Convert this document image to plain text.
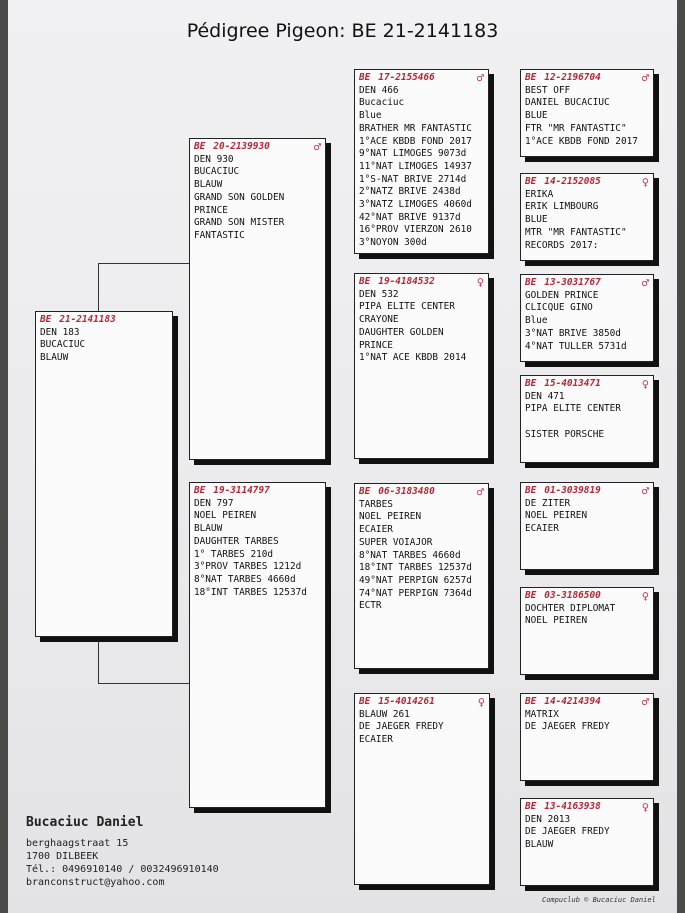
Pédigree Pigeon: BE 21-2141183
BE 21-2141183
DEN 183
BUCACIUC
BLAUW
BE 20-2139930	♂
DEN 930
BUCACIUC
BLAUW
GRAND SON GOLDEN
PRINCE
GRAND SON MISTER
FANTASTIC
BE 19-3114797
DEN 797
NOEL PEIREN
BLAUW
DAUGHTER TARBES
1° TARBES 210d
3°PROV TARBES 1212d
8°NAT TARBES 4660d
18°INT TARBES 12537d
BE 17-2155466	♂
DEN 466
Bucaciuc
Blue
BRATHER MR FANTASTIC
1°ACE KBDB FOND 2017
9°NAT LIMOGES 9073d
11°NAT LIMOGES 14937
1°S-NAT BRIVE 2714d
2°NATZ BRIVE 2438d
3°NATZ LIMOGES 4060d
42°NAT BRIVE 9137d
16°PROV VIERZON 2610
3°NOYON 300d
BE 19-4184532	♀
DEN 532
PIPA ELITE CENTER
CRAYONE
DAUGHTER GOLDEN
PRINCE
1°NAT ACE KBDB 2014
BE 06-3183480	♂
TARBES
NOEL PEIREN
ECAIER
SUPER VOIAJOR
8°NAT TARBES 4660d
18°INT TARBES 12537d
49°NAT PERPIGN 6257d
74°NAT PERPIGN 7364d
ECTR
BE 15-4014261	♀
BLAUW 261
DE JAEGER FREDY
ECAIER
BE 12-2196704	♂
BEST OFF
DANIEL BUCACIUC
BLUE
FTR "MR FANTASTIC"
1°ACE KBDB FOND 2017
BE 14-2152085	♀
ERIKA
ERIK LIMBOURG
BLUE
MTR "MR FANTASTIC"
RECORDS 2017:
BE 13-3031767	♂
GOLDEN PRINCE
CLICQUE GINO
Blue
3°NAT BRIVE 3850d
4°NAT TULLER 5731d
BE 15-4013471	♀
DEN 471
PIPA ELITE CENTER
SISTER PORSCHE
BE 01-3039819	♂
DE ZITER
NOEL PEIREN
ECAIER
BE 03-3186500	♀
DOCHTER DIPLOMAT
NOEL PEIREN
BE 14-4214394	♂
MATRIX
DE JAEGER FREDY
BE 13-4163938	♀
DEN 2013
DE JAEGER FREDY
BLAUW
Bucaciuc Daniel
berghaagstraat 15
1700 DILBEEK
Tél.: 0496910140 / 0032496910140
branconstruct@yahoo.com
Compuclub © Bucaciuc Daniel
